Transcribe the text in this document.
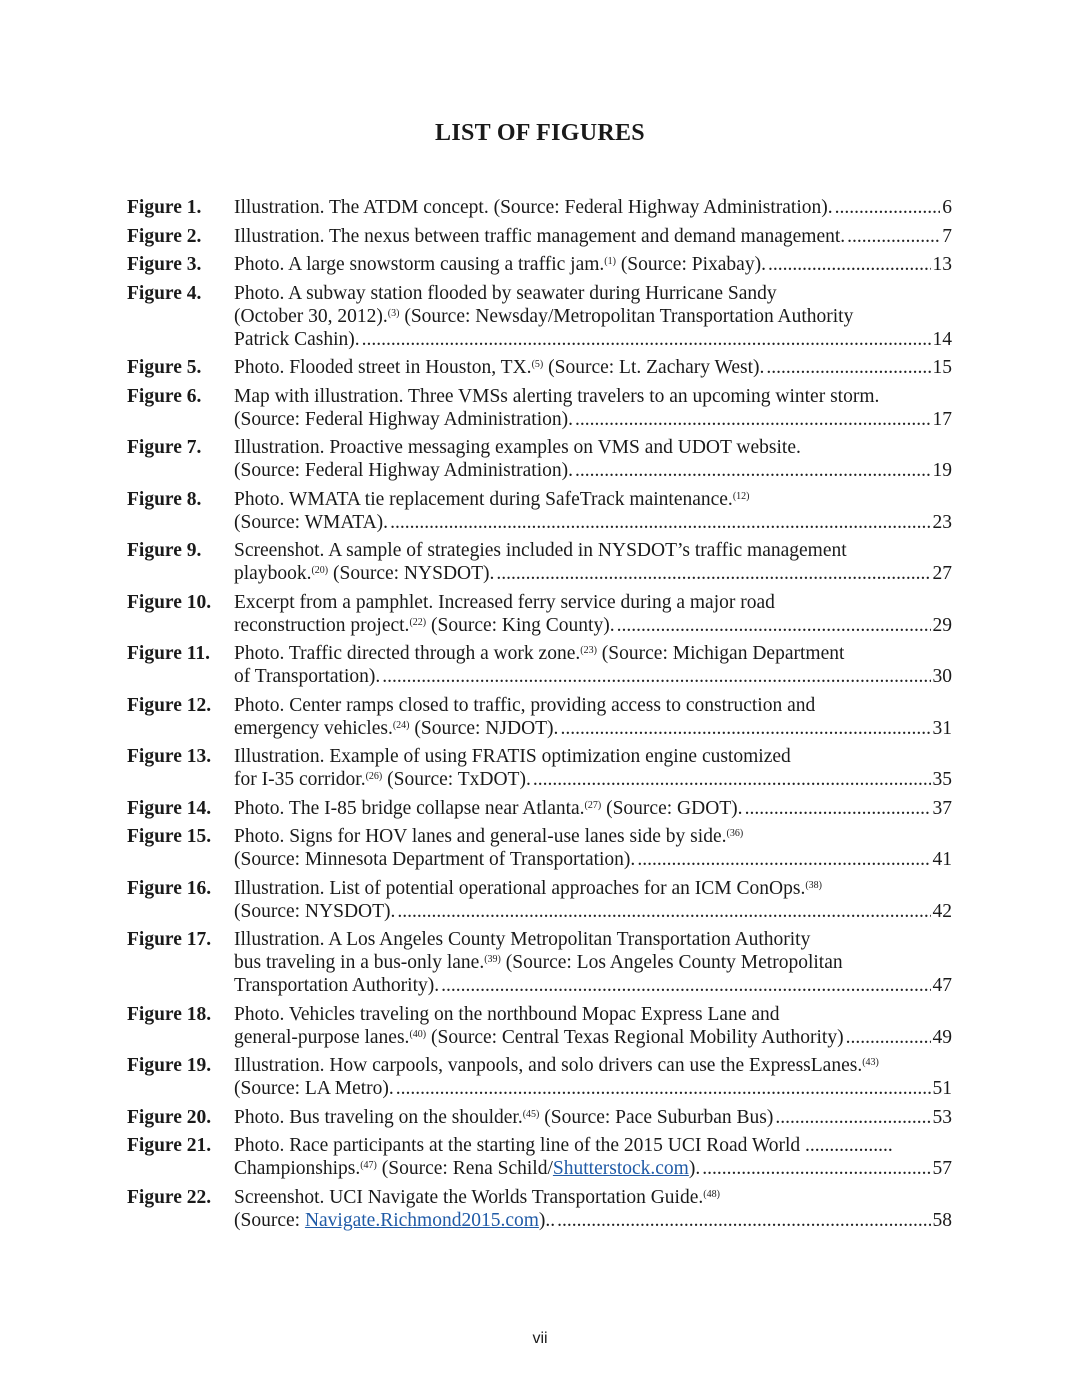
LIST OF FIGURES
Figure 1.	Illustration. The ATDM concept. (Source: Federal Highway Administration). .....	6
Figure 2.	Illustration. The nexus between traffic management and demand management. .....	7
Figure 3.	Photo. A large snowstorm causing a traffic jam.$^{(1)}$ (Source: Pixabay). .....	13
Figure 4.	Photo. A subway station flooded by seawater during Hurricane Sandy
(October 30, 2012).$^{(3)}$ (Source: Newsday/Metropolitan Transportation Authority
Patrick Cashin). .....	14
Figure 5.	Photo. Flooded street in Houston, TX.$^{(5)}$ (Source: Lt. Zachary West). .....	15
Figure 6.	Map with illustration. Three VMSs alerting travelers to an upcoming winter storm.
(Source: Federal Highway Administration). .....	17
Figure 7.	Illustration. Proactive messaging examples on VMS and UDOT website.
(Source: Federal Highway Administration). .....	19
Figure 8.	Photo. WMATA tie replacement during SafeTrack maintenance.$^{(12)}$
(Source: WMATA). .....	23
Figure 9.	Screenshot. A sample of strategies included in NYSDOT’s traffic management
playbook.$^{(20)}$ (Source: NYSDOT). .....	27
Figure 10.	Excerpt from a pamphlet. Increased ferry service during a major road
reconstruction project.$^{(22)}$ (Source: King County). .....	29
Figure 11.	Photo. Traffic directed through a work zone.$^{(23)}$ (Source: Michigan Department
of Transportation). .....	30
Figure 12.	Photo. Center ramps closed to traffic, providing access to construction and
emergency vehicles.$^{(24)}$ (Source: NJDOT). .....	31
Figure 13.	Illustration. Example of using FRATIS optimization engine customized
for I-35 corridor.$^{(26)}$ (Source: TxDOT). .....	35
Figure 14.	Photo. The I-85 bridge collapse near Atlanta.$^{(27)}$ (Source: GDOT). .....	37
Figure 15.	Photo. Signs for HOV lanes and general-use lanes side by side.$^{(36)}$
(Source: Minnesota Department of Transportation). .....	41
Figure 16.	Illustration. List of potential operational approaches for an ICM ConOps.$^{(38)}$
(Source: NYSDOT). .....	42
Figure 17.	Illustration. A Los Angeles County Metropolitan Transportation Authority
bus traveling in a bus-only lane.$^{(39)}$ (Source: Los Angeles County Metropolitan
Transportation Authority). .....	47
Figure 18.	Photo. Vehicles traveling on the northbound Mopac Express Lane and
general-purpose lanes.$^{(40)}$ (Source: Central Texas Regional Mobility Authority) .....	49
Figure 19.	Illustration. How carpools, vanpools, and solo drivers can use the ExpressLanes.$^{(43)}$
(Source: LA Metro). .....	51
Figure 20.	Photo. Bus traveling on the shoulder.$^{(45)}$ (Source: Pace Suburban Bus) .....	53
Figure 21.	Photo. Race participants at the starting line of the 2015 UCI Road World ..................
Championships.$^{(47)}$ (Source: Rena Schild/Shutterstock.com). .....	57
Figure 22.	Screenshot. UCI Navigate the Worlds Transportation Guide.$^{(48)}$
(Source: Navigate.Richmond2015.com).. .....	58
vii
